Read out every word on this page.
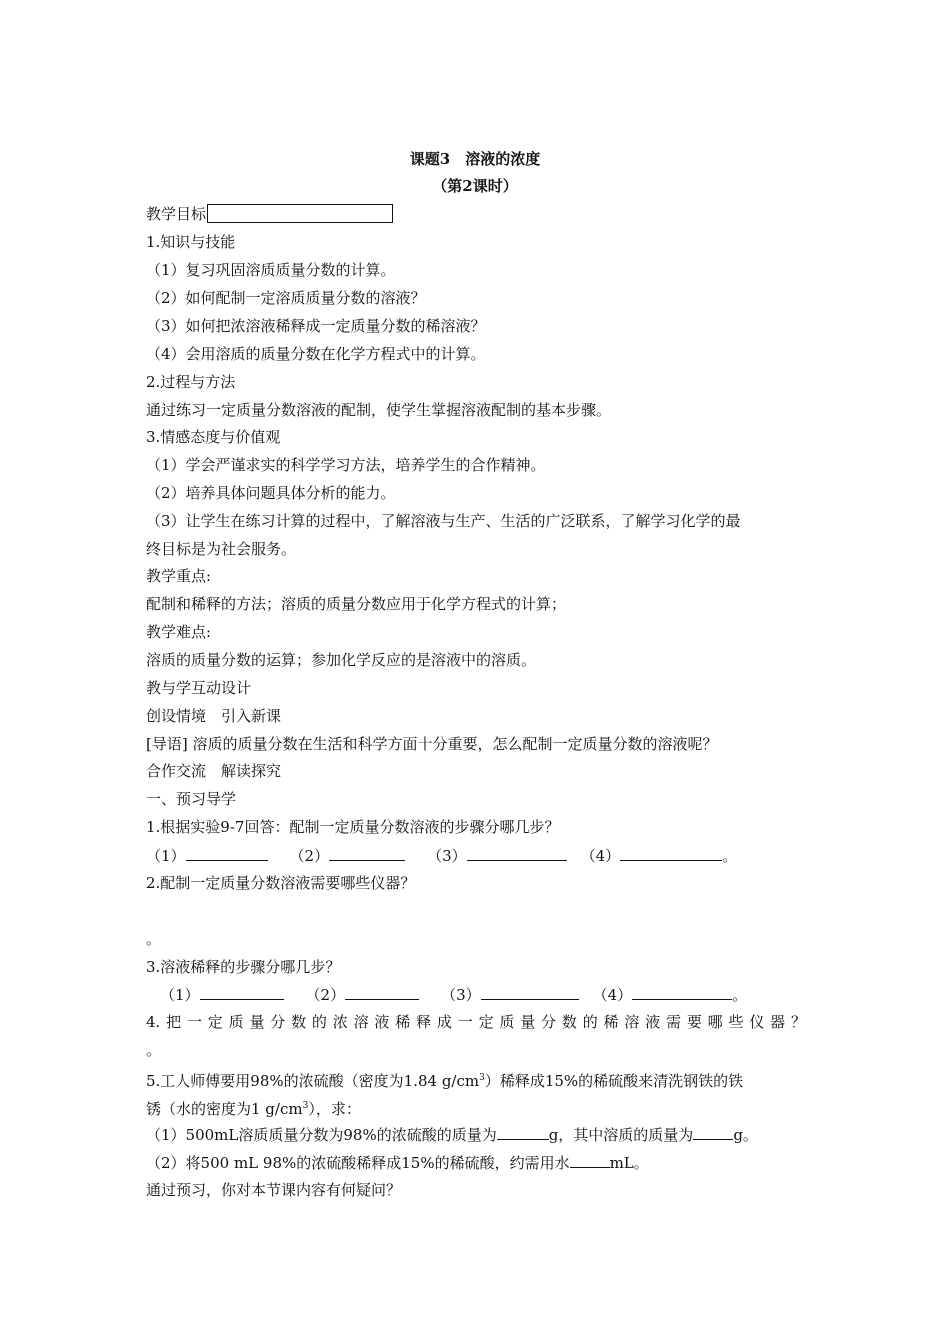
课题3　溶液的浓度
（第2课时）
教学目标
1.知识与技能
（1）复习巩固溶质质量分数的计算。
（2）如何配制一定溶质质量分数的溶液？
（3）如何把浓溶液稀释成一定质量分数的稀溶液？
（4）会用溶质的质量分数在化学方程式中的计算。
2.过程与方法
通过练习一定质量分数溶液的配制，使学生掌握溶液配制的基本步骤。
3.情感态度与价值观
（1）学会严谨求实的科学学习方法，培养学生的合作精神。
（2）培养具体问题具体分析的能力。
（3）让学生在练习计算的过程中，了解溶液与生产、生活的广泛联系，了解学习化学的最
终目标是为社会服务。
教学重点:
配制和稀释的方法；溶质的质量分数应用于化学方程式的计算；
教学难点:
溶质的质量分数的运算；参加化学反应的是溶液中的溶质。
教与学互动设计
创设情境　引入新课
[导语] 溶质的质量分数在生活和科学方面十分重要，怎么配制一定质量分数的溶液呢？
合作交流　解读探究
一、预习导学
1.根据实验9-7回答：配制一定质量分数溶液的步骤分哪几步？
（1）	（2）	（3）	（4）	。
2.配制一定质量分数溶液需要哪些仪器？
。
3.溶液稀释的步骤分哪几步？
（1）	（2）	（3）	（4）	。
4.把一定质量分数的浓溶液稀释成一定质量分数的稀溶液需要哪些仪器？
。
5.工人师傅要用98%的浓硫酸（密度为1.84 $g/cm^3$）稀释成15%的稀硫酸来清洗钢铁的铁
锈（水的密度为1 $g/cm^3$），求：
（1）500mL溶质质量分数为98%的浓硫酸的质量为	g，其中溶质的质量为	g。
（2）将500 mL 98%的浓硫酸稀释成15%的稀硫酸，约需用水	mL。
通过预习，你对本节课内容有何疑问？
